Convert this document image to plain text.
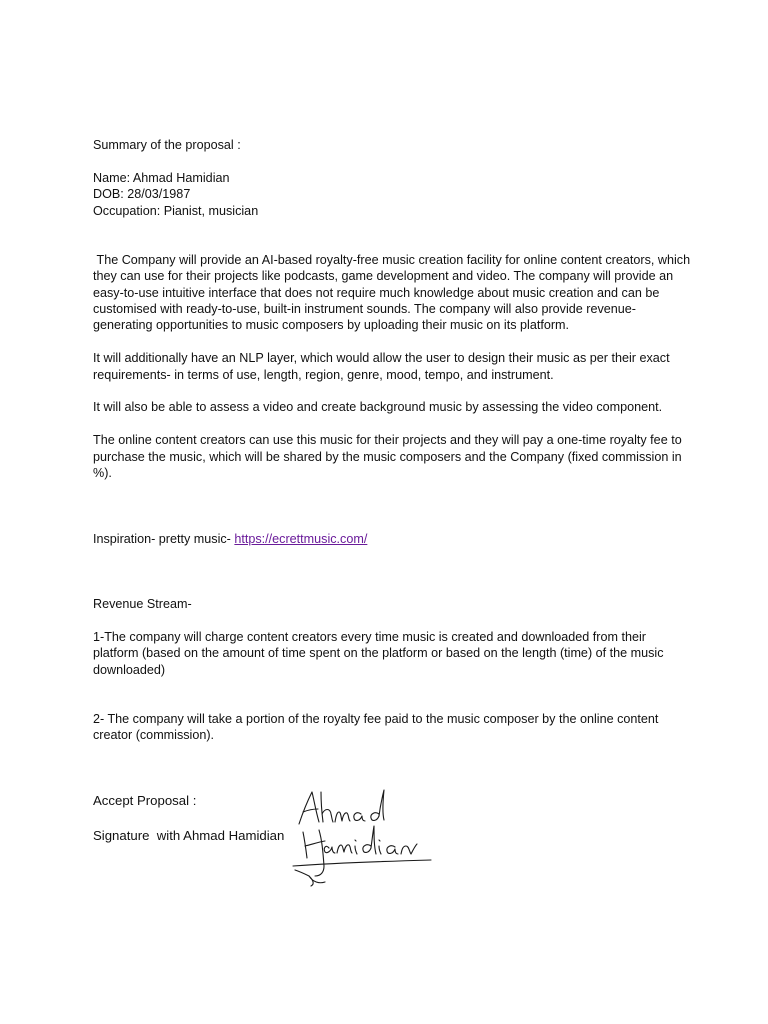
Summary of the proposal :

Name: Ahmad Hamidian

DOB: 28/03/1987

Occupation: Pianist, musician

The Company will provide an AI-based royalty-free music creation facility for online content creators, which they can use for their projects like podcasts, game development and video. The company will provide an easy-to-use intuitive interface that does not require much knowledge about music creation and can be customised with ready-to-use, built-in instrument sounds. The company will also provide revenue-generating opportunities to music composers by uploading their music on its platform.

It will additionally have an NLP layer, which would allow the user to design their music as per their exact requirements- in terms of use, length, region, genre, mood, tempo, and instrument.

It will also be able to assess a video and create background music by assessing the video component.

The online content creators can use this music for their projects and they will pay a one-time royalty fee to purchase the music, which will be shared by the music composers and the Company (fixed commission in %).

Inspiration- pretty music- https://ecrettmusic.com/

Revenue Stream-

1-The company will charge content creators every time music is created and downloaded from their platform (based on the amount of time spent on the platform or based on the length (time) of the music downloaded)

2- The company will take a portion of the royalty fee paid to the music composer by the online content creator (commission).

Accept Proposal :

Signature  with Ahmad Hamidian
